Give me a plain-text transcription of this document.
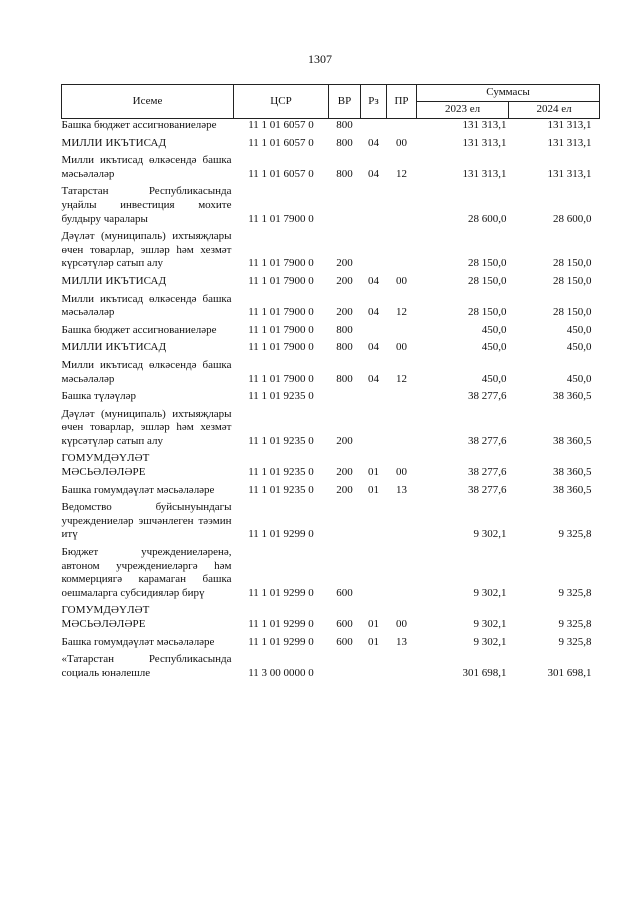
1307
Исеме	ЦСР	ВР	Рз	ПР	Суммасы	
					2023 ел	2024 ел
Башка бюджет ассигнованиелəре	11 1 01 6057 0	800			131 313,1	131 313,1
МИЛЛИ ИКЪТИСАД	11 1 01 6057 0	800	04	00	131 313,1	131 313,1
Милли икътисад өлкəсендə башка мəсьəлəлəр	11 1 01 6057 0	800	04	12	131 313,1	131 313,1
Татарстан Республикасында уңайлы инвестиция мохите булдыру чаралары	11 1 01 7900 0				28 600,0	28 600,0
Дəүлəт (муниципаль) ихтыяҗлары өчен товарлар, эшлəр һəм хезмəт күрсəтүлəр сатып алу	11 1 01 7900 0	200			28 150,0	28 150,0
МИЛЛИ ИКЪТИСАД	11 1 01 7900 0	200	04	00	28 150,0	28 150,0
Милли икътисад өлкəсендə башка мəсьəлəлəр	11 1 01 7900 0	200	04	12	28 150,0	28 150,0
Башка бюджет ассигнованиелəре	11 1 01 7900 0	800			450,0	450,0
МИЛЛИ ИКЪТИСАД	11 1 01 7900 0	800	04	00	450,0	450,0
Милли икътисад өлкəсендə башка мəсьəлəлəр	11 1 01 7900 0	800	04	12	450,0	450,0
Башка түлəүлəр	11 1 01 9235 0				38 277,6	38 360,5
Дəүлəт (муниципаль) ихтыяҗлары өчен товарлар, эшлəр һəм хезмəт күрсəтүлəр сатып алу	11 1 01 9235 0	200			38 277,6	38 360,5
ГОМУМДƏҮЛƏТ МƏСЬƏЛƏЛƏРЕ	11 1 01 9235 0	200	01	00	38 277,6	38 360,5
Башка гомумдəүлəт мəсьəлəлəре	11 1 01 9235 0	200	01	13	38 277,6	38 360,5
Ведомство буйсынуындагы учреждениелəр эшчəнлеген тəэмин итү	11 1 01 9299 0				9 302,1	9 325,8
Бюджет учреждениелəренə, автоном учреждениелəргə һəм коммерциягə карамаган башка оешмаларга субсидиялəр бирү	11 1 01 9299 0	600			9 302,1	9 325,8
ГОМУМДƏҮЛƏТ МƏСЬƏЛƏЛƏРЕ	11 1 01 9299 0	600	01	00	9 302,1	9 325,8
Башка гомумдəүлəт мəсьəлəлəре	11 1 01 9299 0	600	01	13	9 302,1	9 325,8
«Татарстан Республикасында социаль юнəлешле	11 3 00 0000 0				301 698,1	301 698,1
